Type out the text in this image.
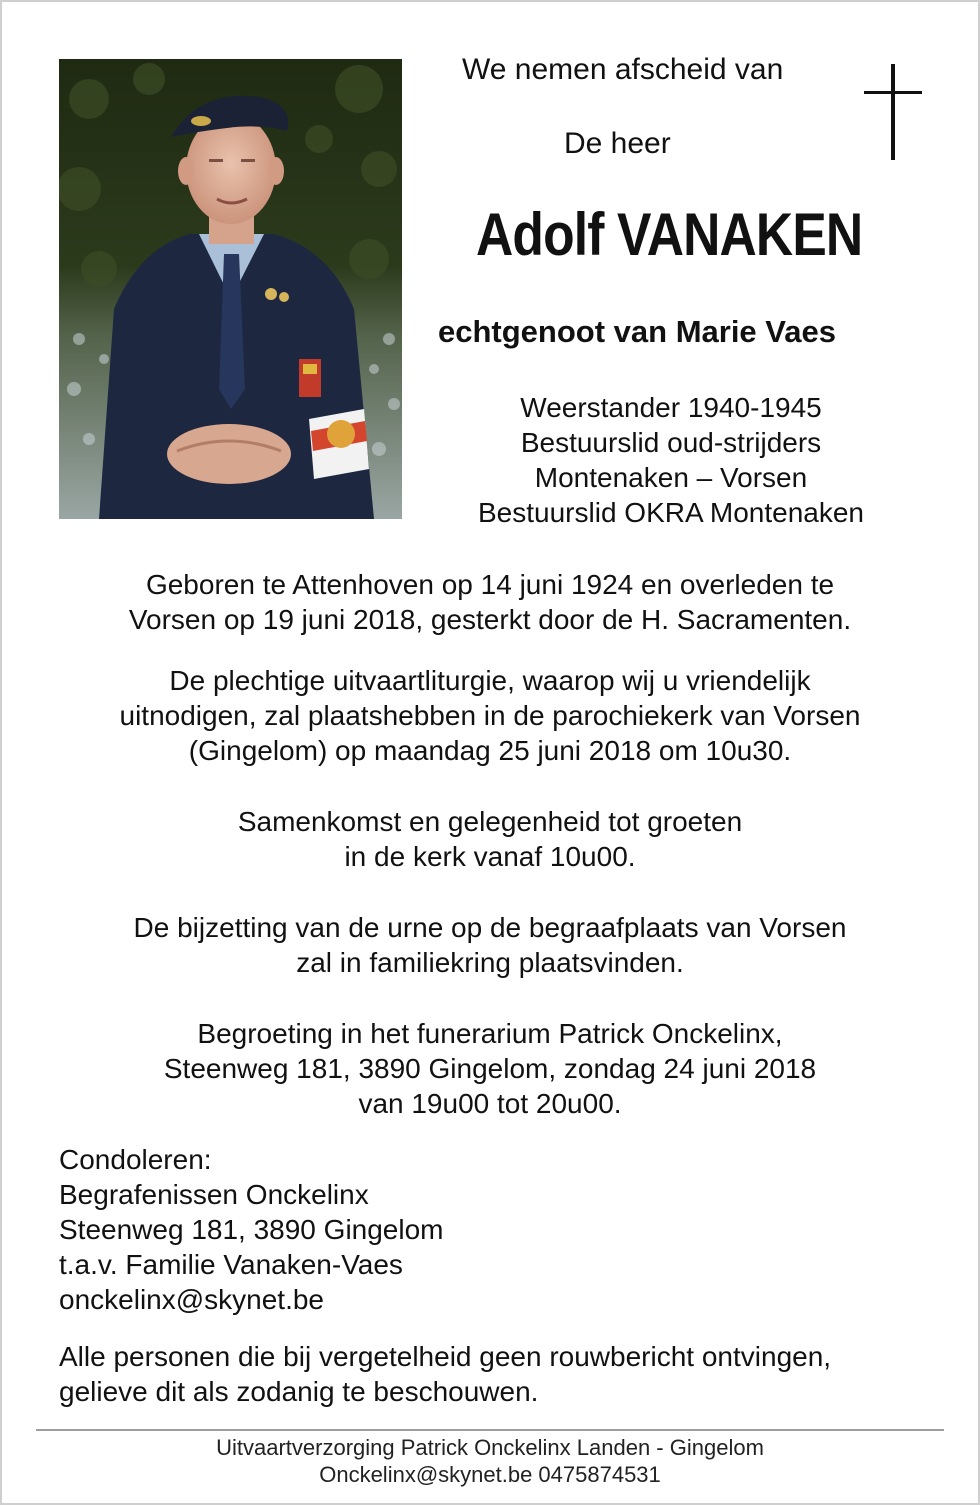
We nemen afscheid van
De heer
Adolf VANAKEN
echtgenoot van Marie Vaes
Weerstander 1940-1945
Bestuurslid oud-strijders
Montenaken – Vorsen
Bestuurslid OKRA Montenaken
Geboren te Attenhoven op 14 juni 1924 en overleden te
Vorsen op 19 juni 2018, gesterkt door de H. Sacramenten.
De plechtige uitvaartliturgie, waarop wij u vriendelijk
uitnodigen, zal plaatshebben in de parochiekerk van Vorsen
(Gingelom) op maandag 25 juni 2018 om 10u30.
Samenkomst en gelegenheid tot groeten
in de kerk vanaf 10u00.
De bijzetting van de urne op de begraafplaats van Vorsen
zal in familiekring plaatsvinden.
Begroeting in het funerarium Patrick Onckelinx,
Steenweg 181, 3890 Gingelom, zondag 24 juni 2018
van 19u00 tot 20u00.
Condoleren:
Begrafenissen Onckelinx
Steenweg 181, 3890 Gingelom
t.a.v. Familie Vanaken-Vaes
onckelinx@skynet.be
Alle personen die bij vergetelheid geen rouwbericht ontvingen,
gelieve dit als zodanig te beschouwen.
Uitvaartverzorging Patrick Onckelinx Landen - Gingelom
Onckelinx@skynet.be 0475874531
